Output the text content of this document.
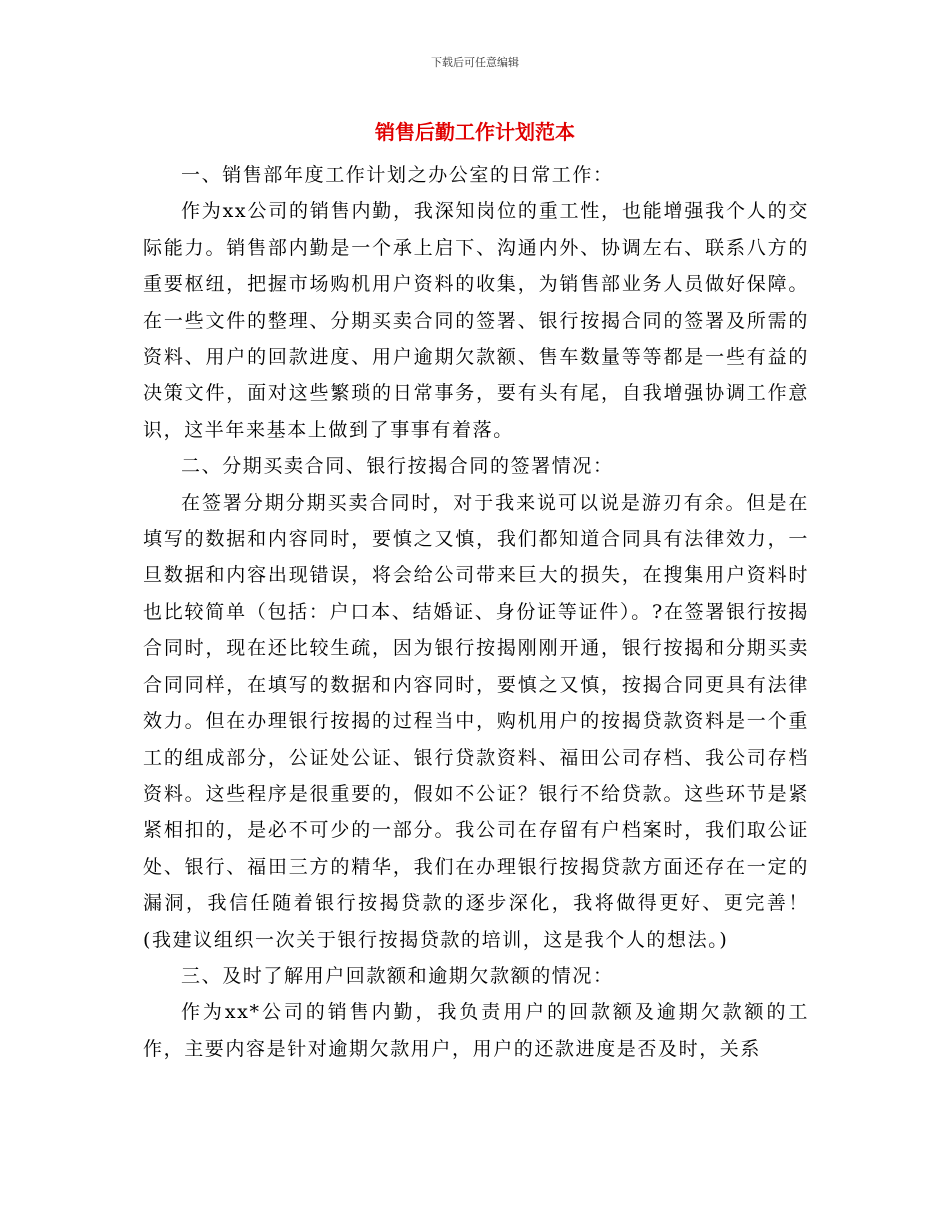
下载后可任意编辑
销售后勤工作计划范本

一、销售部年度工作计划之办公室的日常工作：

作为xx公司的销售内勤，我深知岗位的重工性，也能增强我个人的交际能力。销售部内勤是一个承上启下、沟通内外、协调左右、联系八方的重要枢纽，把握市场购机用户资料的收集，为销售部业务人员做好保障。在一些文件的整理、分期买卖合同的签署、银行按揭合同的签署及所需的资料、用户的回款进度、用户逾期欠款额、售车数量等等都是一些有益的决策文件，面对这些繁琐的日常事务，要有头有尾，自我增强协调工作意识，这半年来基本上做到了事事有着落。

二、分期买卖合同、银行按揭合同的签署情况：

在签署分期分期买卖合同时，对于我来说可以说是游刃有余。但是在填写的数据和内容同时，要慎之又慎，我们都知道合同具有法律效力，一旦数据和内容出现错误，将会给公司带来巨大的损失，在搜集用户资料时也比较简单（包括：户口本、结婚证、身份证等证件）。?在签署银行按揭合同时，现在还比较生疏，因为银行按揭刚刚开通，银行按揭和分期买卖合同同样，在填写的数据和内容同时，要慎之又慎，按揭合同更具有法律效力。但在办理银行按揭的过程当中，购机用户的按揭贷款资料是一个重工的组成部分，公证处公证、银行贷款资料、福田公司存档、我公司存档资料。这些程序是很重要的，假如不公证？银行不给贷款。这些环节是紧紧相扣的，是必不可少的一部分。我公司在存留有户档案时，我们取公证处、银行、福田三方的精华，我们在办理银行按揭贷款方面还存在一定的漏洞，我信任随着银行按揭贷款的逐步深化，我将做得更好、更完善！(我建议组织一次关于银行按揭贷款的培训，这是我个人的想法。)

三、及时了解用户回款额和逾期欠款额的情况：

作为xx*公司的销售内勤，我负责用户的回款额及逾期欠款额的工作，主要内容是针对逾期欠款用户，用户的还款进度是否及时，关系
